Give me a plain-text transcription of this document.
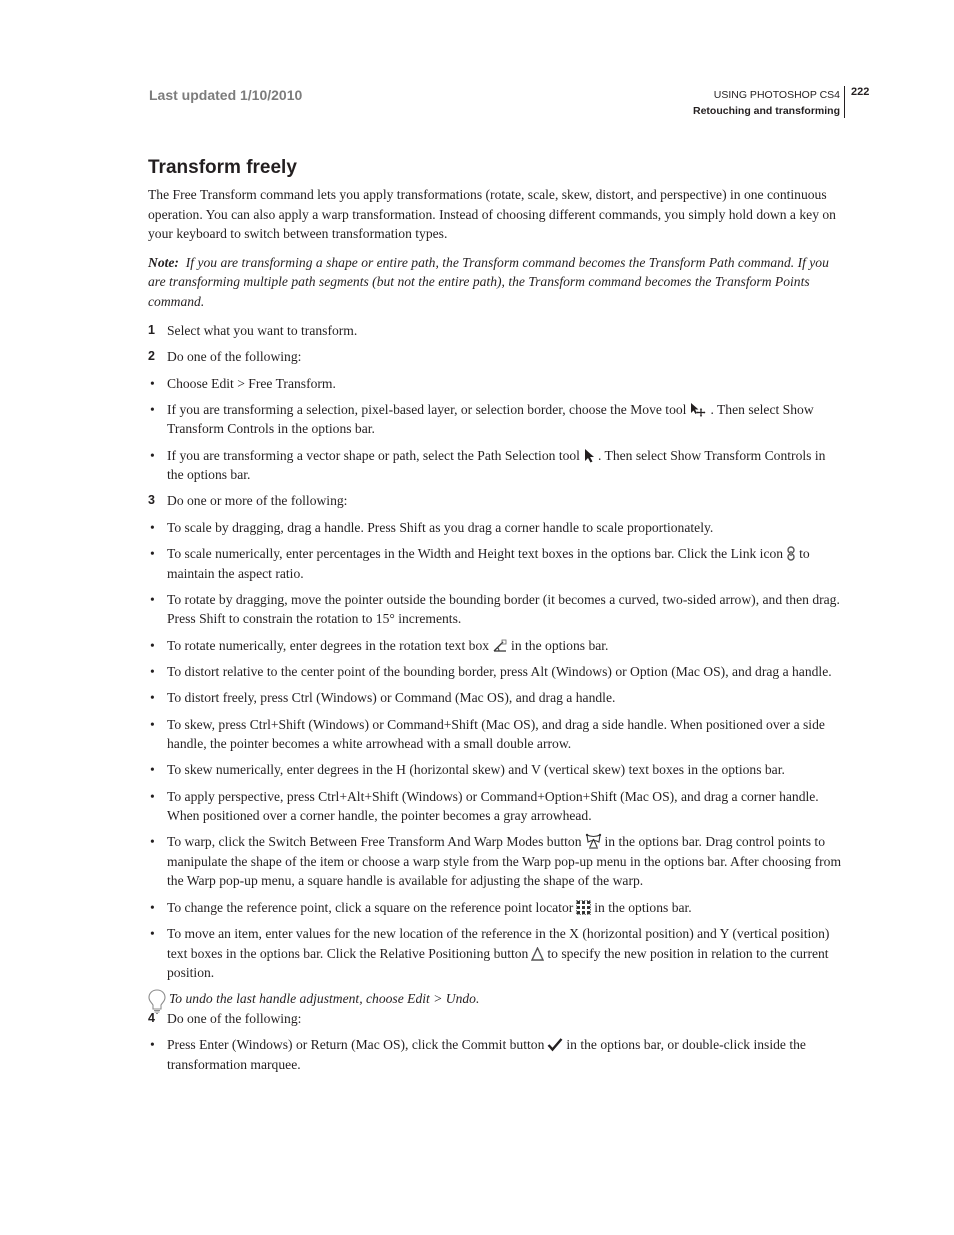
Last updated 1/10/2010	USING PHOTOSHOP CS4
Retouching and transforming
222
Transform freely

The Free Transform command lets you apply transformations (rotate, scale, skew, distort, and perspective) in one continuous operation. You can also apply a warp transformation. Instead of choosing different commands, you simply hold down a key on your keyboard to switch between transformation types.

Note: If you are transforming a shape or entire path, the Transform command becomes the Transform Path command. If you are transforming multiple path segments (but not the entire path), the Transform command becomes the Transform Points command.

1 Select what you want to transform.

2 Do one of the following:

• Choose Edit > Free Transform.

• If you are transforming a selection, pixel-based layer, or selection border, choose the Move tool . Then select Show Transform Controls in the options bar.

• If you are transforming a vector shape or path, select the Path Selection tool . Then select Show Transform Controls in the options bar.

3 Do one or more of the following:

• To scale by dragging, drag a handle. Press Shift as you drag a corner handle to scale proportionately.

• To scale numerically, enter percentages in the Width and Height text boxes in the options bar. Click the Link icon to maintain the aspect ratio.

• To rotate by dragging, move the pointer outside the bounding border (it becomes a curved, two-sided arrow), and then drag. Press Shift to constrain the rotation to 15° increments.

• To rotate numerically, enter degrees in the rotation text box in the options bar.

• To distort relative to the center point of the bounding border, press Alt (Windows) or Option (Mac OS), and drag a handle.

• To distort freely, press Ctrl (Windows) or Command (Mac OS), and drag a handle.

• To skew, press Ctrl+Shift (Windows) or Command+Shift (Mac OS), and drag a side handle. When positioned over a side handle, the pointer becomes a white arrowhead with a small double arrow.

• To skew numerically, enter degrees in the H (horizontal skew) and V (vertical skew) text boxes in the options bar.

• To apply perspective, press Ctrl+Alt+Shift (Windows) or Command+Option+Shift (Mac OS), and drag a corner handle. When positioned over a corner handle, the pointer becomes a gray arrowhead.

• To warp, click the Switch Between Free Transform And Warp Modes button in the options bar. Drag control points to manipulate the shape of the item or choose a warp style from the Warp pop-up menu in the options bar. After choosing from the Warp pop-up menu, a square handle is available for adjusting the shape of the warp.

• To change the reference point, click a square on the reference point locator in the options bar.

• To move an item, enter values for the new location of the reference in the X (horizontal position) and Y (vertical position) text boxes in the options bar. Click the Relative Positioning button to specify the new position in relation to the current position.

To undo the last handle adjustment, choose Edit > Undo.

4 Do one of the following:

• Press Enter (Windows) or Return (Mac OS), click the Commit button in the options bar, or double-click inside the transformation marquee.
